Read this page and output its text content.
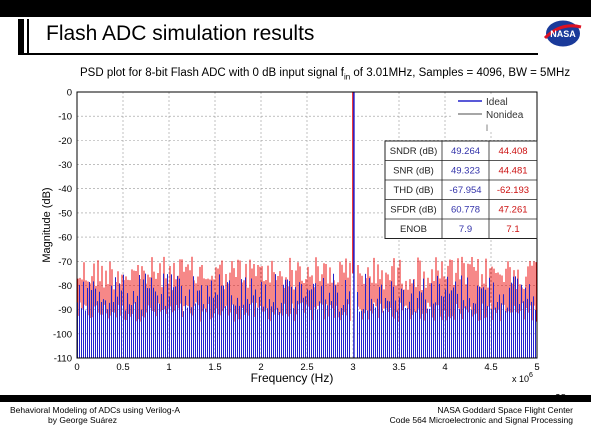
Flash ADC simulation results	NASA
PSD plot for 8-bit Flash ADC with 0 dB input signal $f_{in}$ of 3.01MHz, Samples = 4096, BW = 5MHz
0
-10
-20
-30
-40
-50
-60
-70
-80
-90
-100
-110
0	0.5	1	1.5	2	2.5	3	3.5	4	4.5	5
Magnitude (dB)
Frequency (Hz)	x $10^6$
Ideal
Nonidea
l
SNDR (dB) 49.264 44.408
SNR (dB) 49.323 44.481
THD (dB) -67.954 -62.193
SFDR (dB) 60.778 47.261
ENOB	7.9	7.1
28
Behavioral Modeling of ADCs using Verilog-A
by George Suárez
NASA Goddard Space Flight Center
Code 564 Microelectronic and Signal Processing
